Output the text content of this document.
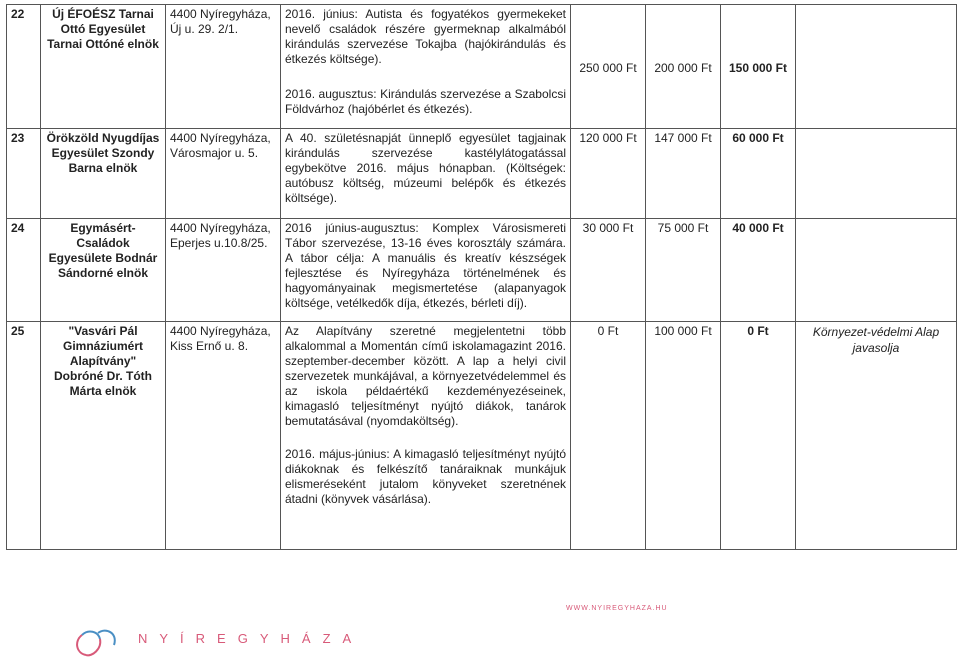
22	Új ÉFOÉSZ Tarnai Ottó Egyesület Tarnai Ottóné elnök	4400 Nyíregyháza, Új u. 29. 2/1.	2016. június: Autista és fogyatékos gyermekeket nevelő családok részére gyermeknap alkalmából kirándulás szervezése Tokajba (hajókirándulás és étkezés költsége).

2016. augusztus: Kirándulás szervezése a Szabolcsi Földvárhoz (hajóbérlet és étkezés).	250 000 Ft	200 000 Ft	150 000 Ft	
23	Örökzöld Nyugdíjas Egyesület Szondy Barna elnök	4400 Nyíregyháza, Városmajor u. 5.	A 40. születésnapját ünneplő egyesület tagjainak kirándulás szervezése kastélylátogatással egybekötve 2016. május hónapban. (Költségek: autóbusz költség, múzeumi belépők és étkezés költsége).	120 000 Ft	147 000 Ft	60 000 Ft	
24	Egymásért-Családok Egyesülete Bodnár Sándorné elnök	4400 Nyíregyháza, Eperjes u.10.8/25.	2016 június-augusztus: Komplex Városismereti Tábor szervezése, 13-16 éves korosztály számára. A tábor célja: A manuális és kreatív készségek fejlesztése és Nyíregyháza történelmének és hagyományainak megismertetése (alapanyagok költsége, vetélkedők díja, étkezés, bérleti díj).	30 000 Ft	75 000 Ft	40 000 Ft	
25	"Vasvári Pál Gimnáziumért Alapítvány" Dobróné Dr. Tóth Márta elnök	4400 Nyíregyháza, Kiss Ernő u. 8.	Az Alapítvány szeretné megjelentetni több alkalommal a Momentán című iskolamagazint 2016. szeptember-december között. A lap a helyi civil szervezetek munkájával, a környezetvédelemmel és az iskola példaértékű kezdeményezéseinek, kimagasló teljesítményt nyújtó diákok, tanárok bemutatásával (nyomdaköltség).

2016. május-június: A kimagasló teljesítményt nyújtó diákoknak és felkészítő tanáraiknak munkájuk elismeréseként jutalom könyveket szeretnének átadni (könyvek vásárlása).	0 Ft	100 000 Ft	0 Ft	Környezet-védelmi Alap javasolja
WWW.NYIREGYHAZA.HU
NYÍREGYHÁZA
